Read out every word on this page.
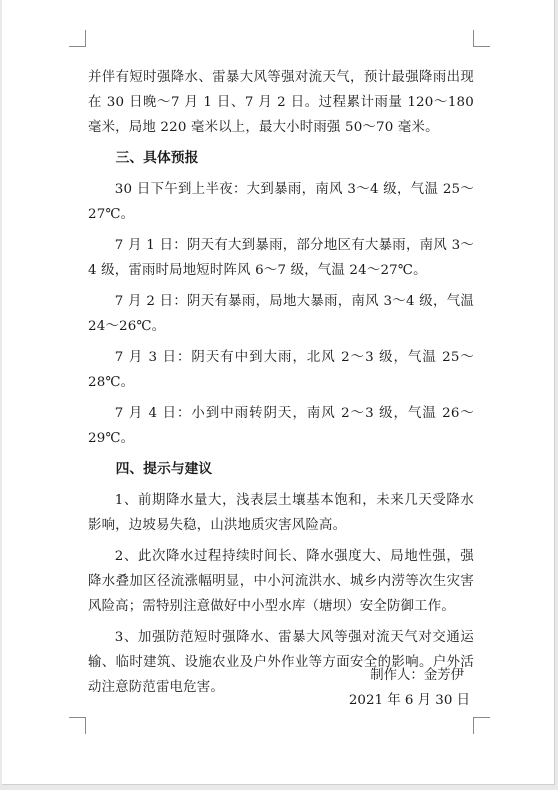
并伴有短时强降水、雷暴大风等强对流天气，预计最强降雨出现在 30 日晚～7 月 1 日、7 月 2 日。过程累计雨量 120～180 毫米，局地 220 毫米以上，最大小时雨强 50～70 毫米。

三、具体预报

30 日下午到上半夜：大到暴雨，南风 3～4 级，气温 25～27℃。

7 月 1 日：阴天有大到暴雨，部分地区有大暴雨，南风 3～4 级，雷雨时局地短时阵风 6～7 级，气温 24～27℃。

7 月 2 日：阴天有暴雨，局地大暴雨，南风 3～4 级，气温 24～26℃。

7 月 3 日：阴天有中到大雨，北风 2～3 级，气温 25～28℃。

7 月 4 日：小到中雨转阴天，南风 2～3 级，气温 26～29℃。

四、提示与建议

1、前期降水量大，浅表层土壤基本饱和，未来几天受降水影响，边坡易失稳，山洪地质灾害风险高。

2、此次降水过程持续时间长、降水强度大、局地性强，强降水叠加区径流涨幅明显，中小河流洪水、城乡内涝等次生灾害风险高；需特别注意做好中小型水库（塘坝）安全防御工作。

3、加强防范短时强降水、雷暴大风等强对流天气对交通运输、临时建筑、设施农业及户外作业等方面安全的影响。户外活动注意防范雷电危害。

制作人：金芳伊
2021 年 6 月 30 日
